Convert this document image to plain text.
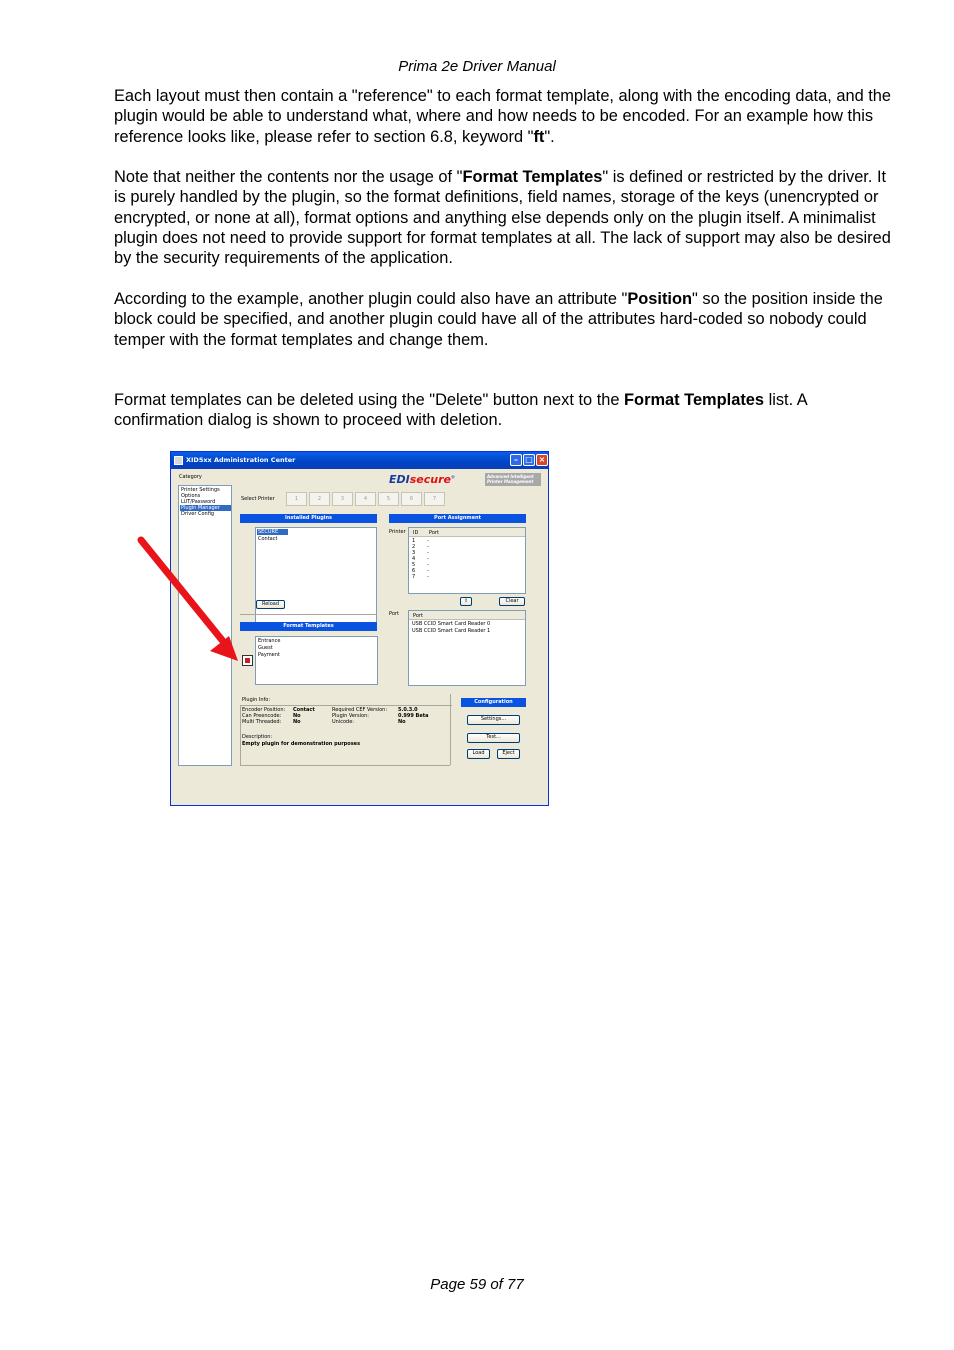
Prima 2e Driver Manual
Each layout must then contain a "reference" to each format template, along with the encoding data, and the plugin would be able to understand what, where and how needs to be encoded. For an example how this reference looks like, please refer to section 6.8, keyword "ft".
Note that neither the contents nor the usage of "Format Templates" is defined or restricted by the driver. It is purely handled by the plugin, so the format definitions, field names, storage of the keys (unencrypted or encrypted, or none at all), format options and anything else depends only on the plugin itself. A minimalist plugin does not need to provide support for format templates at all. The lack of support may also be desired by the security requirements of the application.
According to the example, another plugin could also have an attribute "Position" so the position inside the block could be specified, and another plugin could have all of the attributes hard-coded so nobody could temper with the format templates and change them.
Format templates can be deleted using the "Delete" button next to the Format Templates list. A confirmation dialog is shown to proceed with deletion.
XID5xx Administration Center	– □ ×
EDIsecure®	Advanced Intelligent
Printer Management
Category
Printer Settings
Options
LUT/Password
Plugin Manager
Driver Config
Select Printer	1	2	3	4	5	6	7
Installed Plugins
SECURE
Contact
Reload
Port Assignment
Printer ID Port
1 -
2 -
3 -
4 -
5 -
6 -
7 -
⇧	Clear
Port	Port
USB CCID Smart Card Reader 0
USB CCID Smart Card Reader 1
Format Templates
Entrance
Guest
Payment
Plugin Info:
Encoder Position: Contact
Can Preencode: No
Multi Threaded: No
Required CEF Version: 5.0.3.0
Plugin Version:	0.999 Beta
Unicode:	No
Description:
Empty plugin for demonstration purposes
Configuration
Settings...
Test...
Load	Eject
Page 59 of 77
